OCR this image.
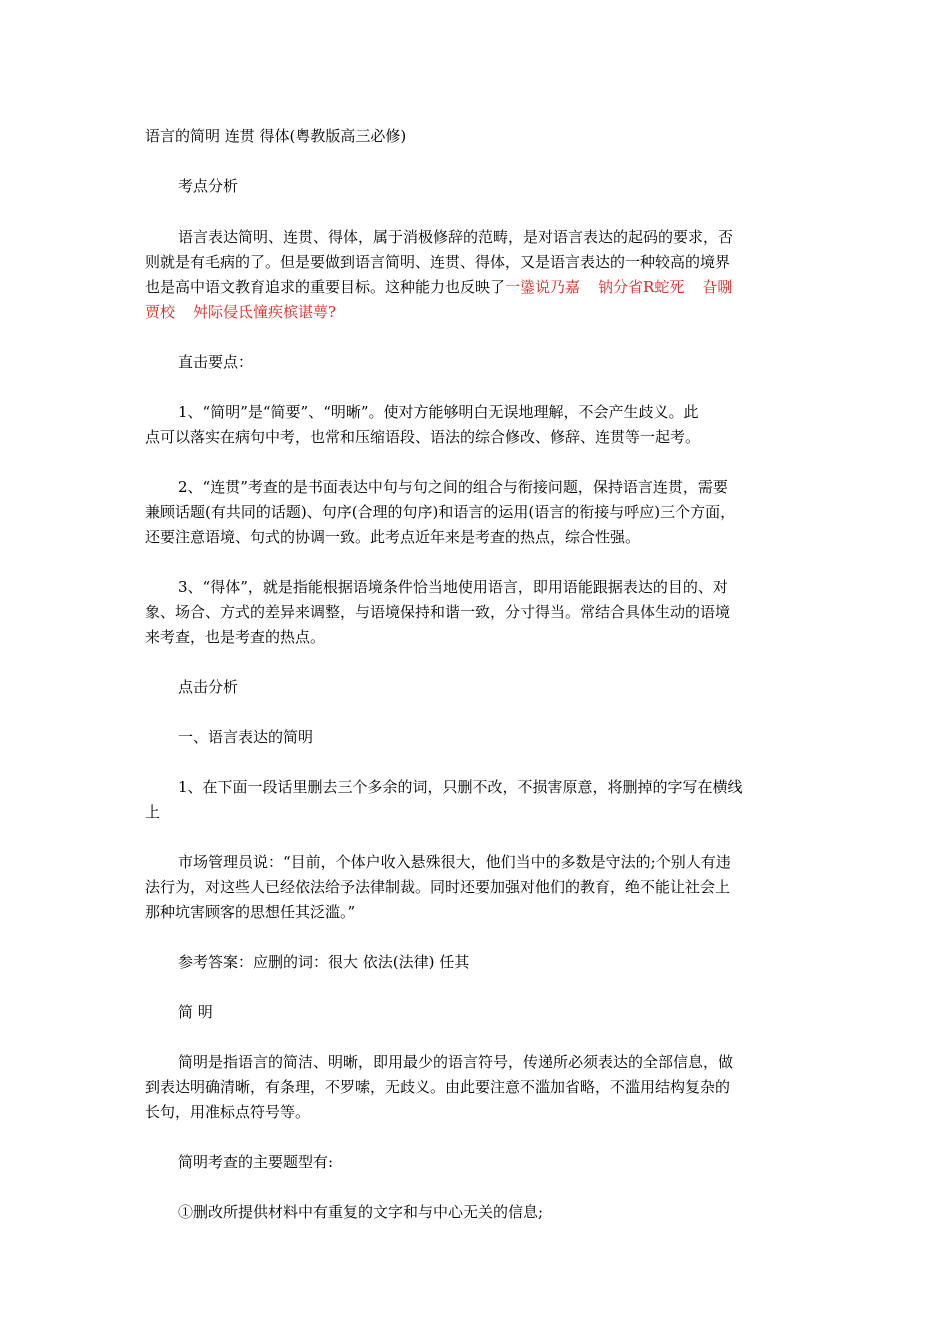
语言的简明 连贯 得体(粤教版高三必修)

考点分析

语言表达简明、连贯、得体，属于消极修辞的范畴，是对语言表达的起码的要求，否

则就是有毛病的了。但是要做到语言简明、连贯、得体，又是语言表达的一种较高的境界

也是高中语文教育追求的重要目标。这种能力也反映了一鍌说乃嘉 钠分省R蛇死 旮哵

贾校 舛际侵氐憧疾槟谌萼?

直击要点：

1、“简明”是“简要”、“明晰”。使对方能够明白无误地理解，不会产生歧义。此

点可以落实在病句中考，也常和压缩语段、语法的综合修改、修辞、连贯等一起考。

2、“连贯”考查的是书面表达中句与句之间的组合与衔接问题，保持语言连贯，需要

兼顾话题(有共同的话题)、句序(合理的句序)和语言的运用(语言的衔接与呼应)三个方面，

还要注意语境、句式的协调一致。此考点近年来是考查的热点，综合性强。

3、“得体”，就是指能根据语境条件恰当地使用语言，即用语能跟据表达的目的、对

象、场合、方式的差异来调整，与语境保持和谐一致，分寸得当。常结合具体生动的语境

来考查，也是考查的热点。

点击分析

一、语言表达的简明

1、在下面一段话里删去三个多余的词，只删不改，不损害原意，将删掉的字写在横线

上

市场管理员说：“目前，个体户收入悬殊很大，他们当中的多数是守法的;个别人有违

法行为，对这些人已经依法给予法律制裁。同时还要加强对他们的教育，绝不能让社会上

那种坑害顾客的思想任其泛滥。”

参考答案：应删的词：很大 依法(法律) 任其

简 明

简明是指语言的简洁、明晰，即用最少的语言符号，传递所必须表达的全部信息，做

到表达明确清晰，有条理，不罗嗦，无歧义。由此要注意不滥加省略，不滥用结构复杂的

长句，用准标点符号等。

简明考查的主要题型有:

①删改所提供材料中有重复的文字和与中心无关的信息;
